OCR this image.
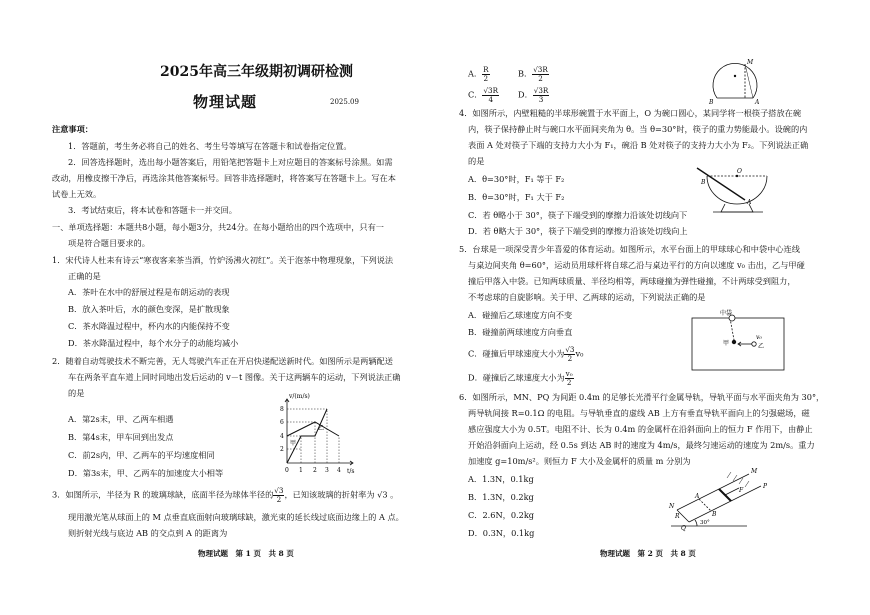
2025年高三年级期初调研检测
物理试题	2025.09
注意事项：
1．答题前，考生务必将自己的姓名、考生号等填写在答题卡和试卷指定位置。
2．回答选择题时，选出每小题答案后，用铅笔把答题卡上对应题目的答案标号涂黑。如需
改动，用橡皮擦干净后，再选涂其他答案标号。回答非选择题时，将答案写在答题卡上。写在本
试卷上无效。
3．考试结束后，将本试卷和答题卡一并交回。
一、单项选择题：本题共8小题，每小题3分，共24分。在每小题给出的四个选项中，只有一
项是符合题目要求的。
1．宋代诗人杜耒有诗云“寒夜客来茶当酒，竹炉汤沸火初红”。关于泡茶中物理现象，下列说法
正确的是
A．茶叶在水中的舒展过程是布朗运动的表现
B．放入茶叶后，水的颜色变深，是扩散现象
C．茶水降温过程中，杯内水的内能保持不变
D．茶水降温过程中，每个水分子的动能均减小
2．随着自动驾驶技术不断完善，无人驾驶汽车正在开启快递配送新时代。如图所示是两辆配送
车在两条平直车道上同时同地出发后运动的 v－t 图像。关于这两辆车的运动，下列说法正确
的是
A．第2s末，甲、乙两车相遇
B．第4s末，甲车回到出发点
C．前2s内，甲、乙两车的平均速度相同
D．第3s末，甲、乙两车的加速度大小相等
v/(m/s)
t/s
8
6
4
2
0 1 2 3 4
甲
乙
3．如图所示，半径为 R 的玻璃球缺，底面半径为球体半径的 $\frac{√3}{2}$ ，已知该玻璃的折射率为 √3 。
现用激光笔从球面上的 M 点垂直底面射向玻璃球缺，激光束的延长线过底面边缘上的 A 点。
则折射光线与底边 AB 的交点到 A 的距离为
物理试题　第 1 页　共 8 页
A． $\frac{R}{2}$	B． $\frac{√3R}{2}$
C． $\frac{√3R}{4}$ D． $\frac{√3R}{3}$
M
A
B
4．如图所示，内壁粗糙的半球形碗置于水平面上，O 为碗口圆心，某同学将一根筷子搭放在碗
内，筷子保持静止时与碗口水平面间夹角为 θ。当 θ=30°时，筷子的重力势能最小。设碗的内
表面 A 处对筷子下端的支持力大小为 F₁，碗沿 B 处对筷子的支持力大小为 F₂。下列说法正确
的是
A．θ=30°时，F₁ 等于 F₂
B．θ=30°时，F₁ 大于 F₂
C．若 θ略小于 30°，筷子下端受到的摩擦力沿该处切线向下
D．若 θ略大于 30°，筷子下端受到的摩擦力沿该处切线向上
O
B
A
5．台球是一项深受青少年喜爱的体育运动。如图所示，水平台面上的甲球球心和中袋中心连线
与桌边间夹角 θ=60°，运动员用球杆将自球乙沿与桌边平行的方向以速度 v₀ 击出，乙与甲碰
撞后甲落入中袋。已知两球质量、半径均相等，两球碰撞为弹性碰撞，不计两球受到阻力，
不考虑球的自旋影响。关于甲、乙两球的运动，下列说法正确的是
A．碰撞后乙球速度方向不变
B．碰撞前两球速度方向垂直
C．碰撞后甲球速度大小为 $\frac{√3}{2} v_0$
D．碰撞后乙球速度大小为 $\frac{\text{v₀}}{2}$
中袋
甲	乙
v₀
6．如图所示，MN、PQ 为间距 0.4m 的足够长光滑平行金属导轨，导轨平面与水平面夹角为 30°，
两导轨间接 R=0.1Ω 的电阻。与导轨垂直的虚线 AB 上方有垂直导轨平面向上的匀强磁场，磁
感应强度大小为 0.5T。电阻不计、长为 0.4m 的金属杆在沿斜面向上的恒力 F 作用下，由静止
开始沿斜面向上运动，经 0.5s 到达 AB 时的速度为 4m/s，最终匀速运动的速度为 2m/s。重力
加速度 g=10m/s²。则恒力 F 大小及金属杆的质量 m 分别为
A．1.3N，0.1kg
B．1.3N，0.2kg
C．2.6N，0.2kg
D．0.3N，0.1kg
N
M
P
Q
A
B
F
R
30°
物理试题　第 2 页　共 8 页
